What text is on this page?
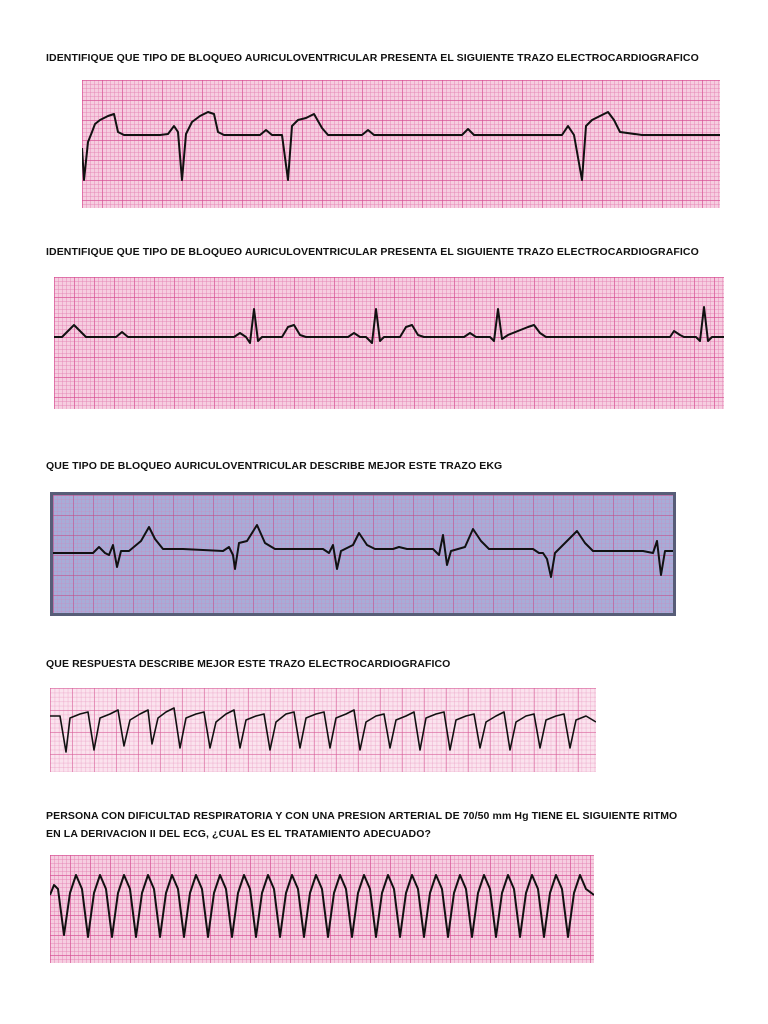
IDENTIFIQUE QUE TIPO DE BLOQUEO AURICULOVENTRICULAR PRESENTA EL SIGUIENTE TRAZO ELECTROCARDIOGRAFICO
IDENTIFIQUE QUE TIPO DE BLOQUEO AURICULOVENTRICULAR PRESENTA EL SIGUIENTE TRAZO ELECTROCARDIOGRAFICO
QUE TIPO DE BLOQUEO AURICULOVENTRICULAR DESCRIBE MEJOR ESTE TRAZO EKG
QUE RESPUESTA DESCRIBE MEJOR ESTE TRAZO ELECTROCARDIOGRAFICO
PERSONA CON DIFICULTAD RESPIRATORIA Y CON UNA PRESION ARTERIAL DE 70/50 mm Hg TIENE EL SIGUIENTE RITMO
EN LA DERIVACION II DEL ECG, ¿CUAL ES EL TRATAMIENTO ADECUADO?
